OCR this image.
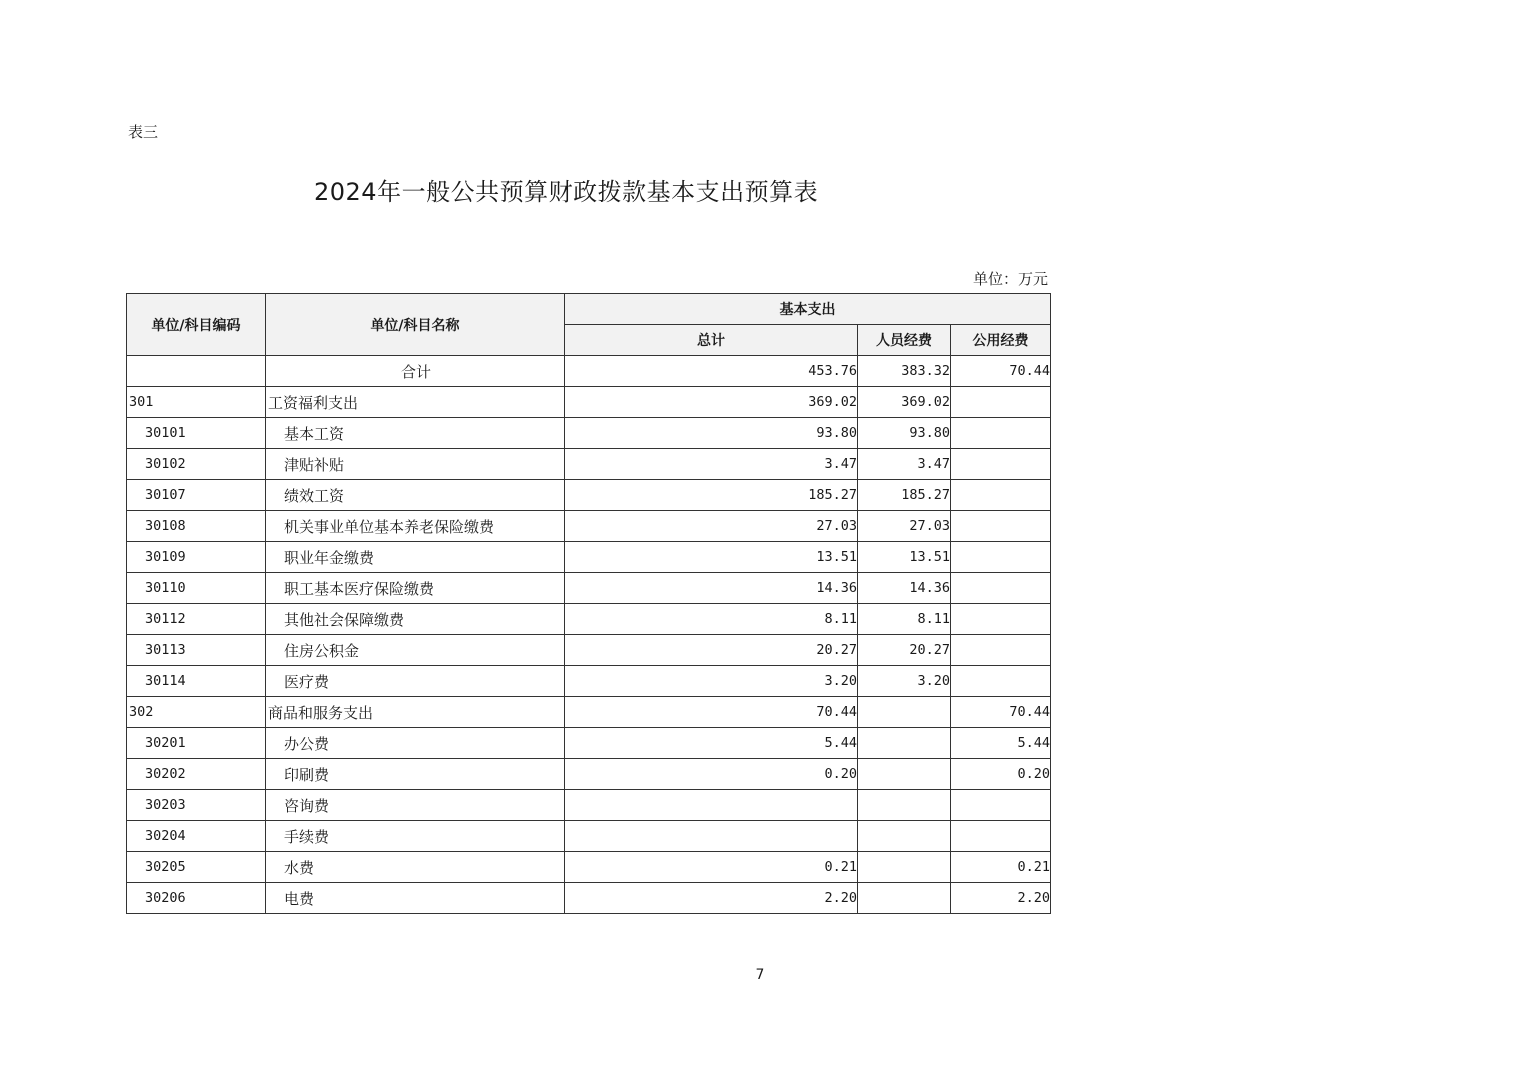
表三
2024年一般公共预算财政拨款基本支出预算表
单位：万元
单位/科目编码	单位/科目名称	基本支出		
		总计	人员经费	公用经费
	合计	453.76	383.32	70.44
301	工资福利支出	369.02	369.02	
30101	基本工资	93.80	93.80	
30102	津贴补贴	3.47	3.47	
30107	绩效工资	185.27	185.27	
30108	机关事业单位基本养老保险缴费	27.03	27.03	
30109	职业年金缴费	13.51	13.51	
30110	职工基本医疗保险缴费	14.36	14.36	
30112	其他社会保障缴费	8.11	8.11	
30113	住房公积金	20.27	20.27	
30114	医疗费	3.20	3.20	
302	商品和服务支出	70.44		70.44
30201	办公费	5.44		5.44
30202	印刷费	0.20		0.20
30203	咨询费			
30204	手续费			
30205	水费	0.21		0.21
30206	电费	2.20		2.20
7
